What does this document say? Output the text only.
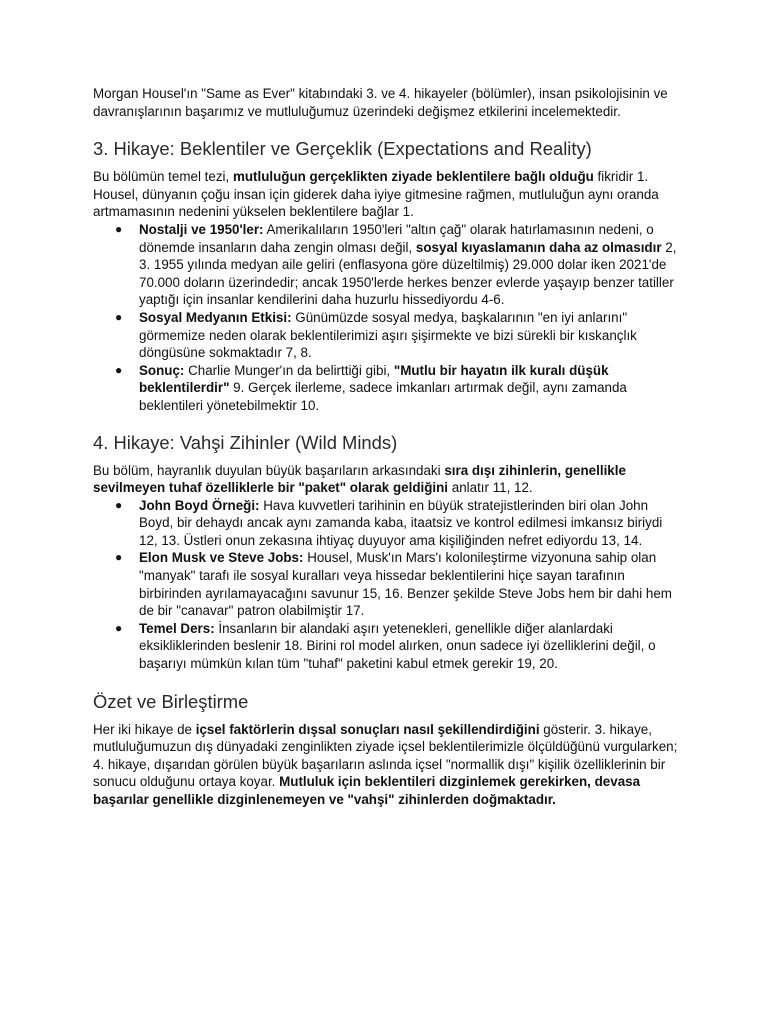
Morgan Housel'ın "Same as Ever" kitabındaki 3. ve 4. hikayeler (bölümler), insan psikolojisinin ve davranışlarının başarımız ve mutluluğumuz üzerindeki değişmez etkilerini incelemektedir.

3. Hikaye: Beklentiler ve Gerçeklik (Expectations and Reality)

Bu bölümün temel tezi, mutluluğun gerçeklikten ziyade beklentilere bağlı olduğu fikridir 1. Housel, dünyanın çoğu insan için giderek daha iyiye gitmesine rağmen, mutluluğun aynı oranda artmamasının nedenini yükselen beklentilere bağlar 1.

● Nostalji ve 1950'ler: Amerikalıların 1950'leri "altın çağ" olarak hatırlamasının nedeni, o dönemde insanların daha zengin olması değil, sosyal kıyaslamanın daha az olmasıdır 2, 3. 1955 yılında medyan aile geliri (enflasyona göre düzeltilmiş) 29.000 dolar iken 2021'de 70.000 doların üzerindedir; ancak 1950'lerde herkes benzer evlerde yaşayıp benzer tatiller yaptığı için insanlar kendilerini daha huzurlu hissediyordu 4-6.
● Sosyal Medyanın Etkisi: Günümüzde sosyal medya, başkalarının "en iyi anlarını" görmemize neden olarak beklentilerimizi aşırı şişirmekte ve bizi sürekli bir kıskançlık döngüsüne sokmaktadır 7, 8.
● Sonuç: Charlie Munger'ın da belirttiği gibi, "Mutlu bir hayatın ilk kuralı düşük beklentilerdir" 9. Gerçek ilerleme, sadece imkanları artırmak değil, aynı zamanda beklentileri yönetebilmektir 10.
4. Hikaye: Vahşi Zihinler (Wild Minds)

Bu bölüm, hayranlık duyulan büyük başarıların arkasındaki sıra dışı zihinlerin, genellikle sevilmeyen tuhaf özelliklerle bir "paket" olarak geldiğini anlatır 11, 12.

● John Boyd Örneği: Hava kuvvetleri tarihinin en büyük stratejistlerinden biri olan John Boyd, bir dehaydı ancak aynı zamanda kaba, itaatsiz ve kontrol edilmesi imkansız biriydi 12, 13. Üstleri onun zekasına ihtiyaç duyuyor ama kişiliğinden nefret ediyordu 13, 14.
● Elon Musk ve Steve Jobs: Housel, Musk'ın Mars'ı kolonileştirme vizyonuna sahip olan "manyak" tarafı ile sosyal kuralları veya hissedar beklentilerini hiçe sayan tarafının birbirinden ayrılamayacağını savunur 15, 16. Benzer şekilde Steve Jobs hem bir dahi hem de bir "canavar" patron olabilmiştir 17.
● Temel Ders: İnsanların bir alandaki aşırı yetenekleri, genellikle diğer alanlardaki eksikliklerinden beslenir 18. Birini rol model alırken, onun sadece iyi özelliklerini değil, o başarıyı mümkün kılan tüm "tuhaf" paketini kabul etmek gerekir 19, 20.
Özet ve Birleştirme

Her iki hikaye de içsel faktörlerin dışsal sonuçları nasıl şekillendirdiğini gösterir. 3. hikaye, mutluluğumuzun dış dünyadaki zenginlikten ziyade içsel beklentilerimizle ölçüldüğünü vurgularken; 4. hikaye, dışarıdan görülen büyük başarıların aslında içsel "normallik dışı" kişilik özelliklerinin bir sonucu olduğunu ortaya koyar. Mutluluk için beklentileri dizginlemek gerekirken, devasa başarılar genellikle dizginlenemeyen ve "vahşi" zihinlerden doğmaktadır.
